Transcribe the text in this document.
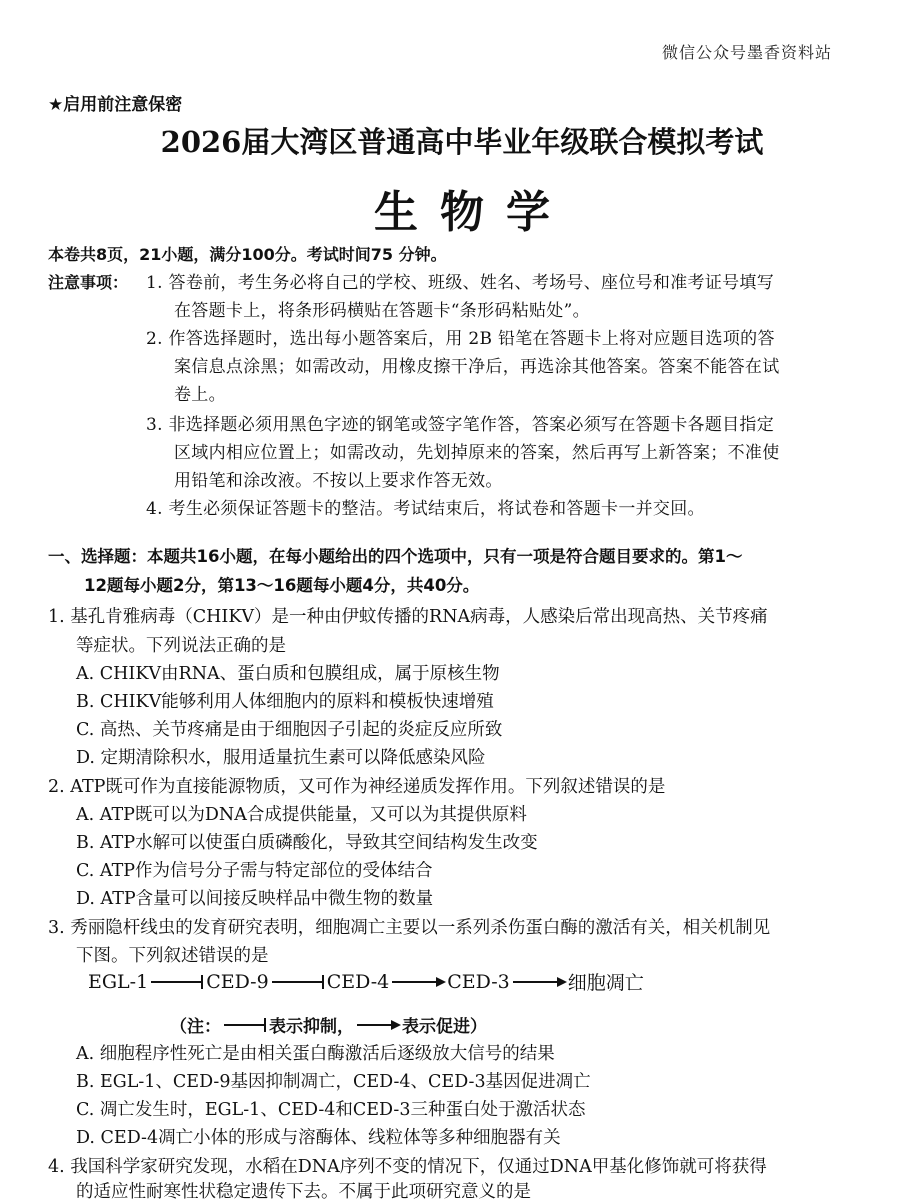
微信公众号墨香资料站
★启用前注意保密
2026届大湾区普通高中毕业年级联合模拟考试
生物学
本卷共8页，21小题，满分100分。考试时间75 分钟。
注意事项： 1. 答卷前，考生务必将自己的学校、班级、姓名、考场号、座位号和准考证号填写
在答题卡上，将条形码横贴在答题卡“条形码粘贴处”。
2. 作答选择题时，选出每小题答案后，用 2B 铅笔在答题卡上将对应题目选项的答
案信息点涂黑；如需改动，用橡皮擦干净后，再选涂其他答案。答案不能答在试
卷上。
3. 非选择题必须用黑色字迹的钢笔或签字笔作答，答案必须写在答题卡各题目指定
区域内相应位置上；如需改动，先划掉原来的答案，然后再写上新答案；不准使
用铅笔和涂改液。不按以上要求作答无效。
4. 考生必须保证答题卡的整洁。考试结束后，将试卷和答题卡一并交回。
一、选择题：本题共16小题，在每小题给出的四个选项中，只有一项是符合题目要求的。第1～
12题每小题2分，第13～16题每小题4分，共40分。
1. 基孔肯雅病毒（CHIKV）是一种由伊蚊传播的RNA病毒，人感染后常出现高热、关节疼痛
等症状。下列说法正确的是
A. CHIKV由RNA、蛋白质和包膜组成，属于原核生物
B. CHIKV能够利用人体细胞内的原料和模板快速增殖
C. 高热、关节疼痛是由于细胞因子引起的炎症反应所致
D. 定期清除积水，服用适量抗生素可以降低感染风险
2. ATP既可作为直接能源物质，又可作为神经递质发挥作用。下列叙述错误的是
A. ATP既可以为DNA合成提供能量，又可以为其提供原料
B. ATP水解可以使蛋白质磷酸化，导致其空间结构发生改变
C. ATP作为信号分子需与特定部位的受体结合
D. ATP含量可以间接反映样品中微生物的数量
3. 秀丽隐杆线虫的发育研究表明，细胞凋亡主要以一系列杀伤蛋白酶的激活有关，相关机制见
下图。下列叙述错误的是
EGL-1	CED-9	CED-4	CED-3	细胞凋亡
（注：	表示抑制，	表示促进）
A. 细胞程序性死亡是由相关蛋白酶激活后逐级放大信号的结果
B. EGL-1、CED-9基因抑制凋亡，CED-4、CED-3基因促进凋亡
C. 凋亡发生时，EGL-1、CED-4和CED-3三种蛋白处于激活状态
D. CED-4凋亡小体的形成与溶酶体、线粒体等多种细胞器有关
4. 我国科学家研究发现，水稻在DNA序列不变的情况下，仅通过DNA甲基化修饰就可将获得
的适应性耐寒性状稳定遗传下去。不属于此项研究意义的是
